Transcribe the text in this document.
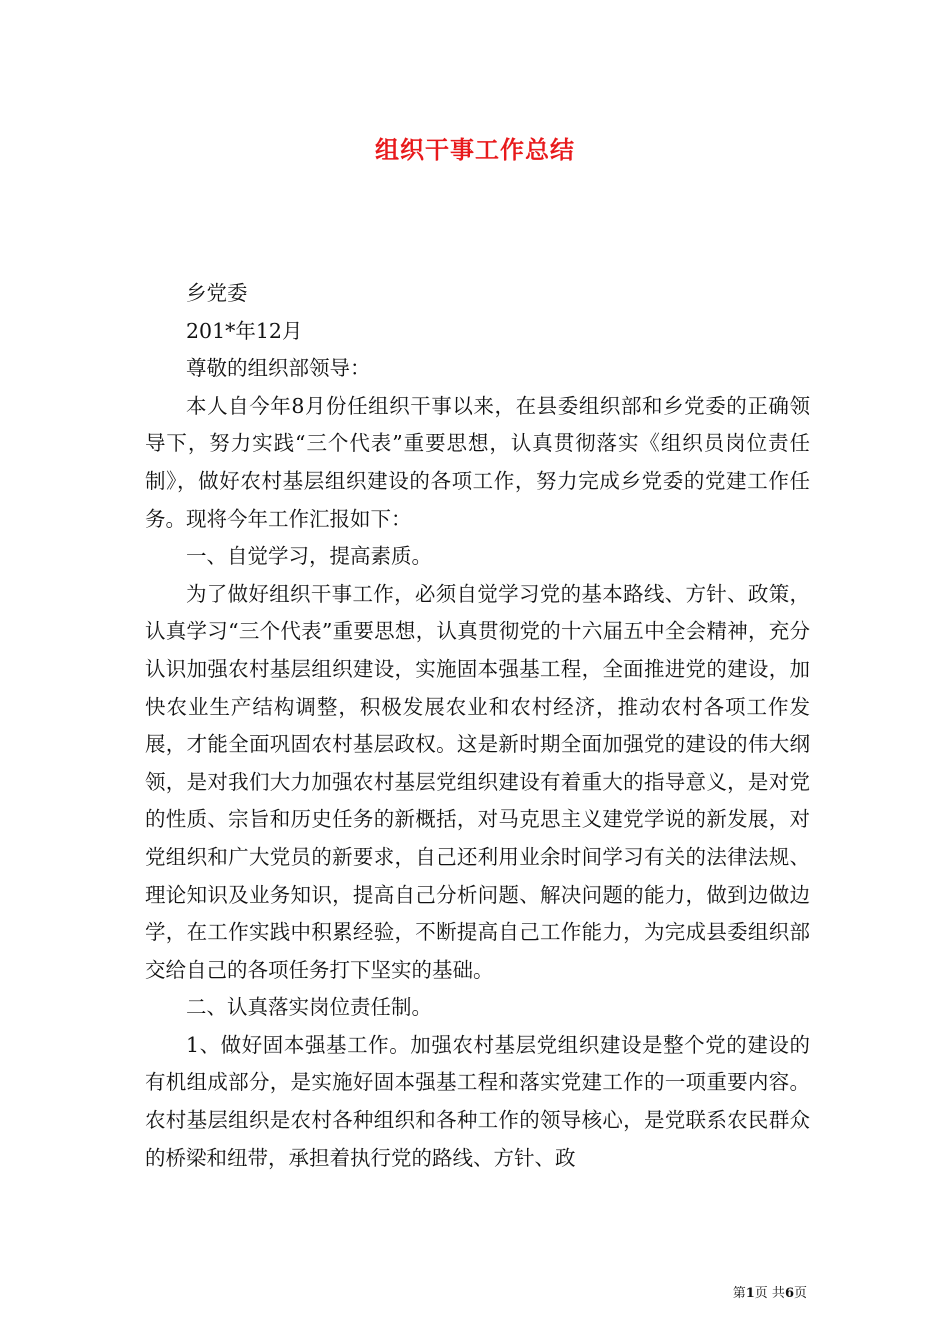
组织干事工作总结

乡党委

201*年12月

尊敬的组织部领导：

本人自今年8月份任组织干事以来，在县委组织部和乡党委的正确领导下，努力实践“三个代表”重要思想，认真贯彻落实《组织员岗位责任制》，做好农村基层组织建设的各项工作，努力完成乡党委的党建工作任务。现将今年工作汇报如下：

一、自觉学习，提高素质。

为了做好组织干事工作，必须自觉学习党的基本路线、方针、政策，认真学习“三个代表”重要思想，认真贯彻党的十六届五中全会精神，充分认识加强农村基层组织建设，实施固本强基工程，全面推进党的建设，加快农业生产结构调整，积极发展农业和农村经济，推动农村各项工作发展，才能全面巩固农村基层政权。这是新时期全面加强党的建设的伟大纲领，是对我们大力加强农村基层党组织建设有着重大的指导意义，是对党的性质、宗旨和历史任务的新概括，对马克思主义建党学说的新发展，对党组织和广大党员的新要求，自己还利用业余时间学习有关的法律法规、理论知识及业务知识，提高自己分析问题、解决问题的能力，做到边做边学，在工作实践中积累经验，不断提高自己工作能力，为完成县委组织部交给自己的各项任务打下坚实的基础。

二、认真落实岗位责任制。

1、做好固本强基工作。加强农村基层党组织建设是整个党的建设的有机组成部分，是实施好固本强基工程和落实党建工作的一项重要内容。农村基层组织是农村各种组织和各种工作的领导核心，是党联系农民群众的桥梁和纽带，承担着执行党的路线、方针、政

第1页 共6页
